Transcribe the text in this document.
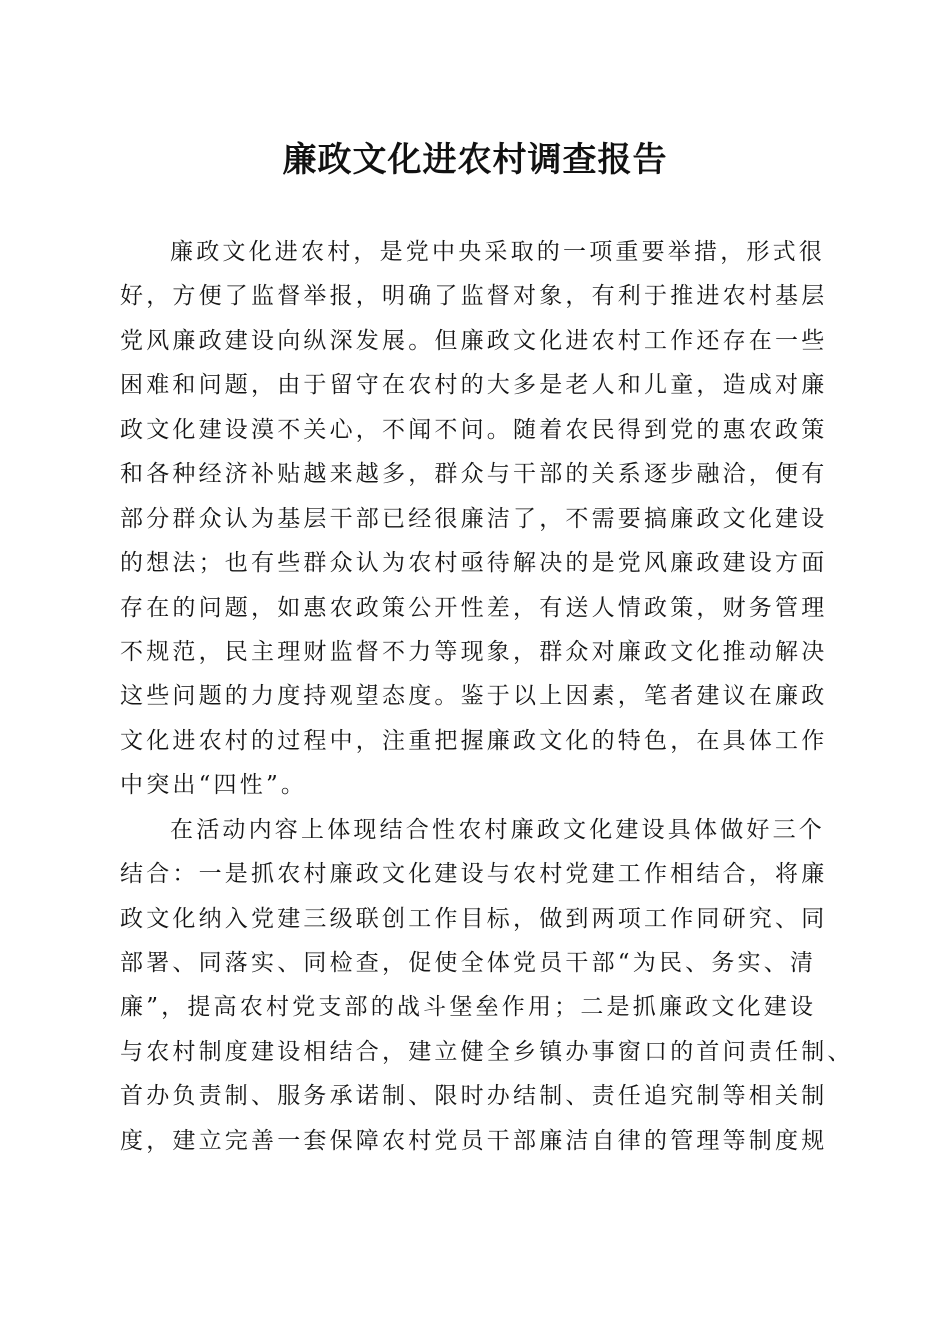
廉政文化进农村调查报告
廉政文化进农村，是党中央采取的一项重要举措，形式很
好，方便了监督举报，明确了监督对象，有利于推进农村基层
党风廉政建设向纵深发展。但廉政文化进农村工作还存在一些
困难和问题，由于留守在农村的大多是老人和儿童，造成对廉
政文化建设漠不关心，不闻不问。随着农民得到党的惠农政策
和各种经济补贴越来越多，群众与干部的关系逐步融洽，便有
部分群众认为基层干部已经很廉洁了，不需要搞廉政文化建设
的想法；也有些群众认为农村亟待解决的是党风廉政建设方面
存在的问题，如惠农政策公开性差，有送人情政策，财务管理
不规范，民主理财监督不力等现象，群众对廉政文化推动解决
这些问题的力度持观望态度。鉴于以上因素，笔者建议在廉政
文化进农村的过程中，注重把握廉政文化的特色，在具体工作
中突出“四性”。
在活动内容上体现结合性农村廉政文化建设具体做好三个
结合：一是抓农村廉政文化建设与农村党建工作相结合，将廉
政文化纳入党建三级联创工作目标，做到两项工作同研究、同
部署、同落实、同检查，促使全体党员干部“为民、务实、清
廉”，提高农村党支部的战斗堡垒作用；二是抓廉政文化建设
与农村制度建设相结合，建立健全乡镇办事窗口的首问责任制、
首办负责制、服务承诺制、限时办结制、责任追究制等相关制
度，建立完善一套保障农村党员干部廉洁自律的管理等制度规
